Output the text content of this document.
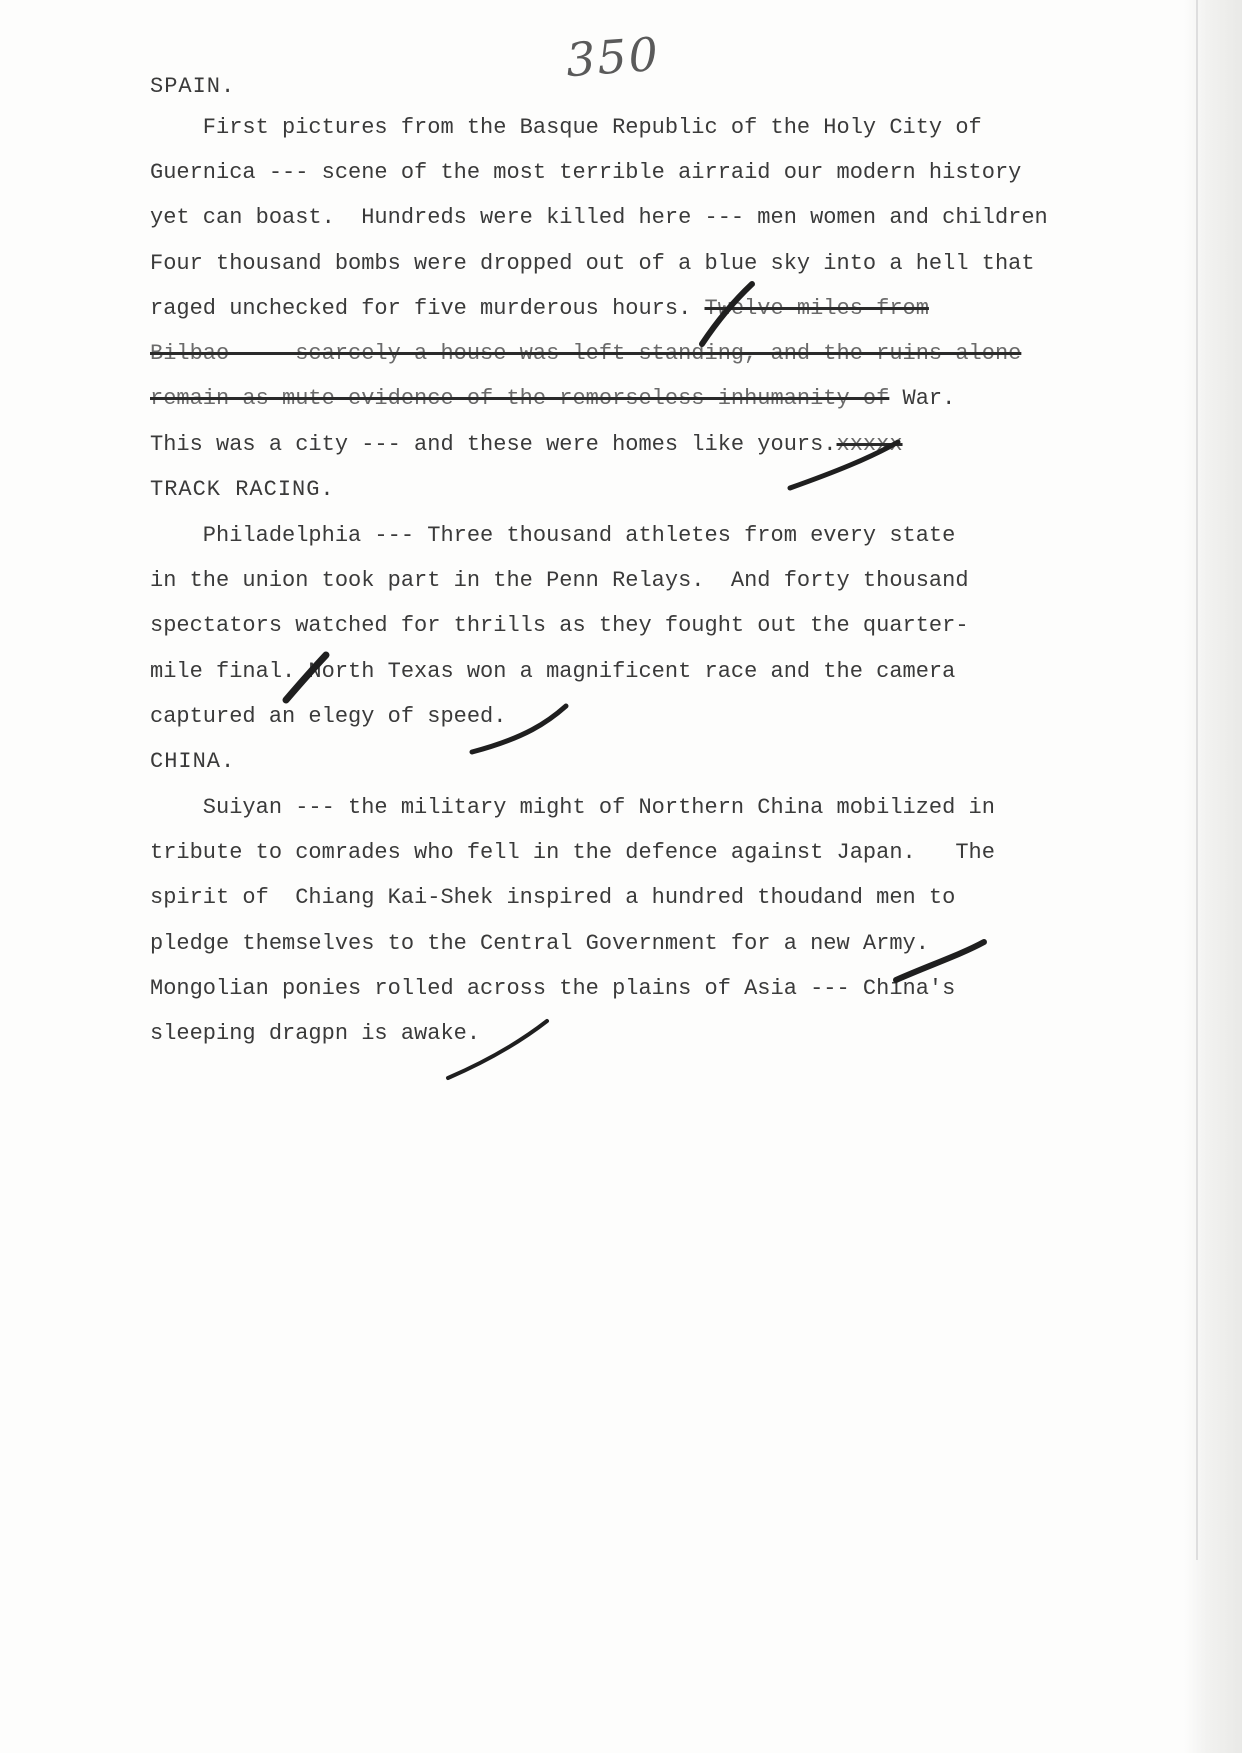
350
SPAIN.
First pictures from the Basque Republic of the Holy City of
Guernica --- scene of the most terrible airraid our modern history
yet can boast.  Hundreds were killed here --- men women and children
Four thousand bombs were dropped out of a blue sky into a hell that
raged unchecked for five murderous hours. Twelve miles from
Bilbao --- scarcely a house was left standing, and the ruins alone
remain as mute evidence of the remorseless inhumanity of War.
This was a city --- and these were homes like yours.xxxxx
TRACK RACING.
Philadelphia --- Three thousand athletes from every state
in the union took part in the Penn Relays.  And forty thousand
spectators watched for thrills as they fought out the quarter-
mile final. North Texas won a magnificent race and the camera
captured an elegy of speed.
CHINA.
Suiyan --- the military might of Northern China mobilized in
tribute to comrades who fell in the defence against Japan.   The
spirit of  Chiang Kai-Shek inspired a hundred thoudand men to
pledge themselves to the Central Government for a new Army.
Mongolian ponies rolled across the plains of Asia --- China's
sleeping dragpn is awake.
